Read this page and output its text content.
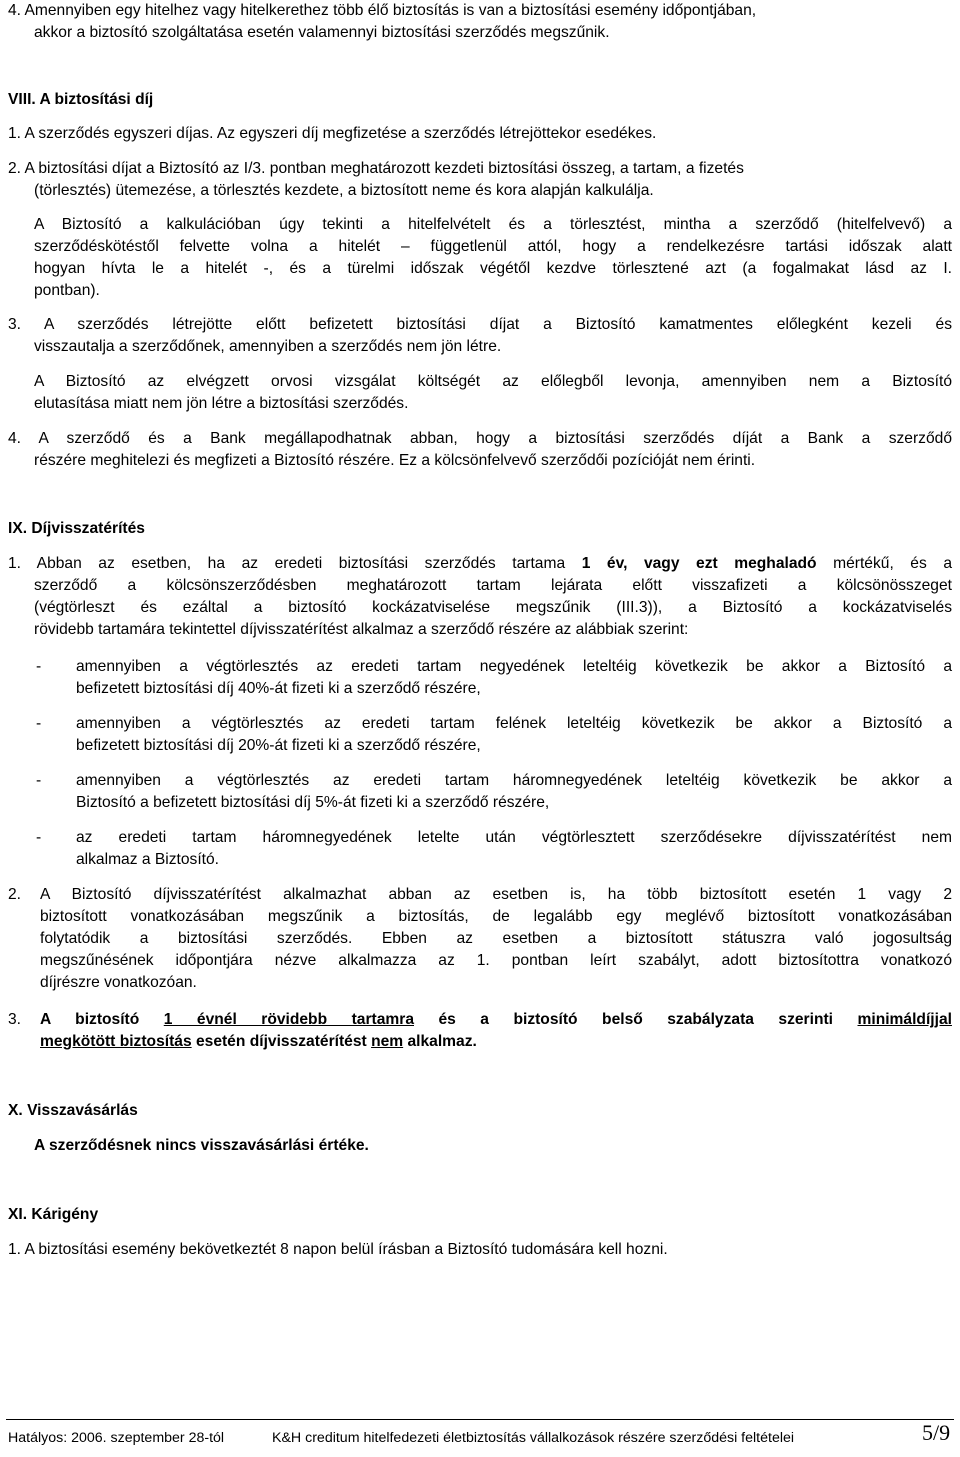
4. Amennyiben egy hitelhez vagy hitelkerethez több élő biztosítás is van a biztosítási esemény időpontjában,
akkor a biztosító szolgáltatása esetén valamennyi biztosítási szerződés megszűnik.
VIII. A biztosítási díj
1. A szerződés egyszeri díjas. Az egyszeri díj megfizetése a szerződés létrejöttekor esedékes.
2. A biztosítási díjat a Biztosító az I/3. pontban meghatározott kezdeti biztosítási összeg, a tartam, a fizetés
(törlesztés) ütemezése, a törlesztés kezdete, a biztosított neme és kora alapján kalkulálja.
A Biztosító a kalkulációban úgy tekinti a hitelfelvételt és a törlesztést, mintha a szerződő (hitelfelvevő) a
szerződéskötéstől felvette volna a hitelét – függetlenül attól, hogy a rendelkezésre tartási időszak alatt
hogyan hívta le a hitelét -, és a türelmi időszak végétől kezdve törlesztené azt (a fogalmakat lásd az I.
pontban).
3. A szerződés létrejötte előtt befizetett biztosítási díjat a Biztosító kamatmentes előlegként kezeli és
visszautalja a szerződőnek, amennyiben a szerződés nem jön létre.
A Biztosító az elvégzett orvosi vizsgálat költségét az előlegből levonja, amennyiben nem a Biztosító
elutasítása miatt nem jön létre a biztosítási szerződés.
4. A szerződő és a Bank megállapodhatnak abban, hogy a biztosítási szerződés díját a Bank a szerződő
részére meghitelezi és megfizeti a Biztosító részére. Ez a kölcsönfelvevő szerződői pozícióját nem érinti.
IX. Díjvisszatérítés
1. Abban az esetben, ha az eredeti biztosítási szerződés tartama 1 év, vagy ezt meghaladó mértékű, és a
szerződő a kölcsönszerződésben meghatározott tartam lejárata előtt visszafizeti a kölcsönösszeget
(végtörleszt és ezáltal a biztosító kockázatviselése megszűnik (III.3)), a Biztosító a kockázatviselés
rövidebb tartamára tekintettel díjvisszatérítést alkalmaz a szerződő részére az alábbiak szerint:
- amennyiben a végtörlesztés az eredeti tartam negyedének leteltéig következik be akkor a Biztosító a
befizetett biztosítási díj 40%-át fizeti ki a szerződő részére,
- amennyiben a végtörlesztés az eredeti tartam felének leteltéig következik be akkor a Biztosító a
befizetett biztosítási díj 20%-át fizeti ki a szerződő részére,
- amennyiben a végtörlesztés az eredeti tartam háromnegyedének leteltéig következik be akkor a
Biztosító a befizetett biztosítási díj 5%-át fizeti ki a szerződő részére,
- az eredeti tartam háromnegyedének letelte után végtörlesztett szerződésekre díjvisszatérítést nem
alkalmaz a Biztosító.
2. A Biztosító díjvisszatérítést alkalmazhat abban az esetben is, ha több biztosított esetén 1 vagy 2
biztosított vonatkozásában megszűnik a biztosítás, de legalább egy meglévő biztosított vonatkozásában
folytatódik a biztosítási szerződés. Ebben az esetben a biztosított státuszra való jogosultság
megszűnésének időpontjára nézve alkalmazza az 1. pontban leírt szabályt, adott biztosítottra vonatkozó
díjrészre vonatkozóan.
3. A biztosító 1 évnél rövidebb tartamra és a biztosító belső szabályzata szerinti minimáldíjjal
megkötött biztosítás esetén díjvisszatérítést nem alkalmaz.
X. Visszavásárlás
A szerződésnek nincs visszavásárlási értéke.
XI. Kárigény
1. A biztosítási esemény bekövetkeztét 8 napon belül írásban a Biztosító tudomására kell hozni.
Hatályos: 2006. szeptember 28-tól	K&H creditum hitelfedezeti életbiztosítás vállalkozások részére szerződési feltételei	5/9
